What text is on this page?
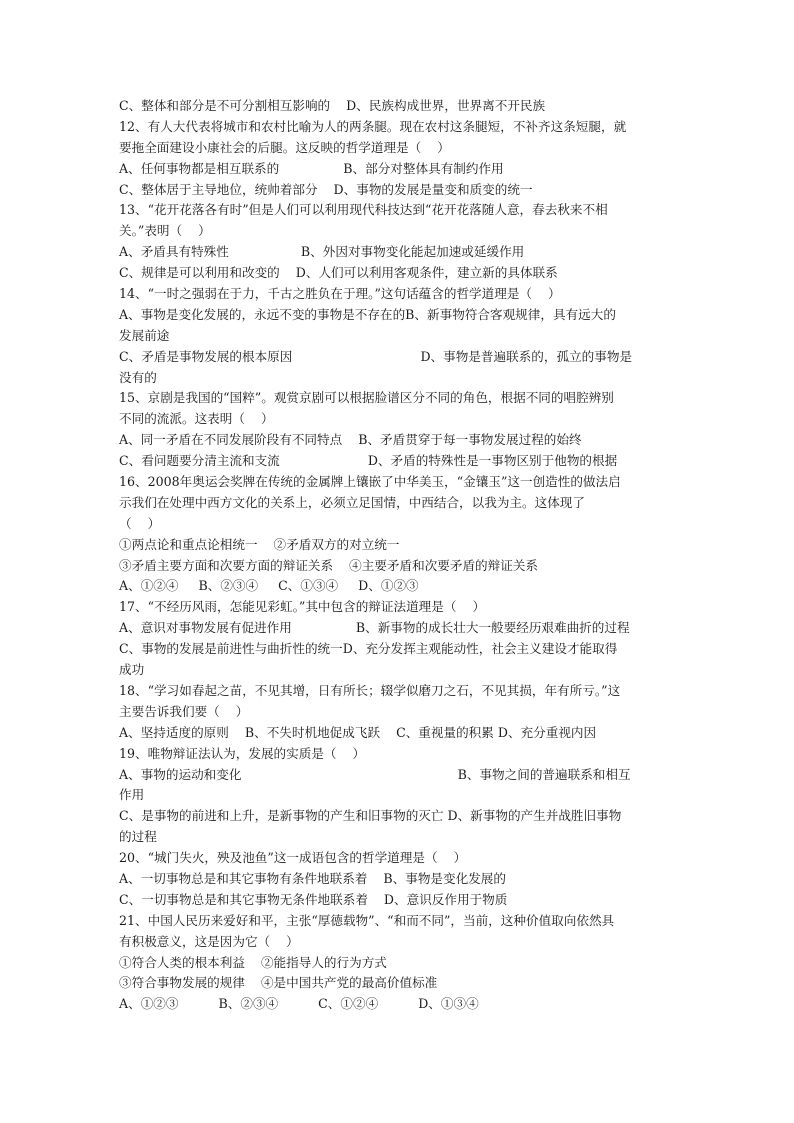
C、整体和部分是不可分割相互影响的    D、民族构成世界，世界离不开民族
12、有人大代表将城市和农村比喻为人的两条腿。现在农村这条腿短，不补齐这条短腿，就
要拖全面建设小康社会的后腿。这反映的哲学道理是（    ）
A、任何事物都是相互联系的                B、部分对整体具有制约作用
C、整体居于主导地位，统帅着部分    D、事物的发展是量变和质变的统一
13、“花开花落各有时”但是人们可以利用现代科技达到“花开花落随人意，春去秋来不相
关。”表明（    ）
A、矛盾具有特殊性                  B、外因对事物变化能起加速或延缓作用
C、规律是可以利用和改变的    D、人们可以利用客观条件，建立新的具体联系
14、“一时之强弱在于力，千古之胜负在于理。”这句话蕴含的哲学道理是（    ）
A、事物是变化发展的，永远不变的事物是不存在的B、新事物符合客观规律，具有远大的
发展前途
C、矛盾是事物发展的根本原因                                D、事物是普遍联系的，孤立的事物是
没有的
15、京剧是我国的“国粹”。观赏京剧可以根据脸谱区分不同的角色，根据不同的唱腔辨别
不同的流派。这表明（    ）
A、同一矛盾在不同发展阶段有不同特点    B、矛盾贯穿于每一事物发展过程的始终
C、看问题要分清主流和支流                      D、矛盾的特殊性是一事物区别于他物的根据
16、2008年奥运会奖牌在传统的金属牌上镶嵌了中华美玉，“金镶玉”这一创造性的做法启
示我们在处理中西方文化的关系上，必须立足国情，中西结合，以我为主。这体现了
（    ）
①两点论和重点论相统一    ②矛盾双方的对立统一
③矛盾主要方面和次要方面的辩证关系    ④主要矛盾和次要矛盾的辩证关系
A、①②④     B、②③④     C、①③④     D、①②③
17、“不经历风雨，怎能见彩虹。”其中包含的辩证法道理是（    ）
A、意识对事物发展有促进作用                B、新事物的成长壮大一般要经历艰难曲折的过程
C、事物的发展是前进性与曲折性的统一D、充分发挥主观能动性，社会主义建设才能取得
成功
18、“学习如春起之苗，不见其增，日有所长；辍学似磨刀之石，不见其损，年有所亏。”这
主要告诉我们要（    ）
A、坚持适度的原则    B、不失时机地促成飞跃    C、重视量的积累 D、充分重视内因
19、唯物辩证法认为，发展的实质是（    ）
A、事物的运动和变化                                                      B、事物之间的普遍联系和相互
作用
C、是事物的前进和上升，是新事物的产生和旧事物的灭亡 D、新事物的产生并战胜旧事物
的过程
20、“城门失火，殃及池鱼”这一成语包含的哲学道理是（    ）
A、一切事物总是和其它事物有条件地联系着    B、事物是变化发展的
C、一切事物总是和其它事物无条件地联系着    D、意识反作用于物质
21、中国人民历来爱好和平，主张“厚德载物”、“和而不同”，当前，这种价值取向依然具
有积极意义，这是因为它（    ）
①符合人类的根本利益    ②能指导人的行为方式
③符合事物发展的规律    ④是中国共产党的最高价值标准
A、①②③          B、②③④          C、①②④          D、①③④
